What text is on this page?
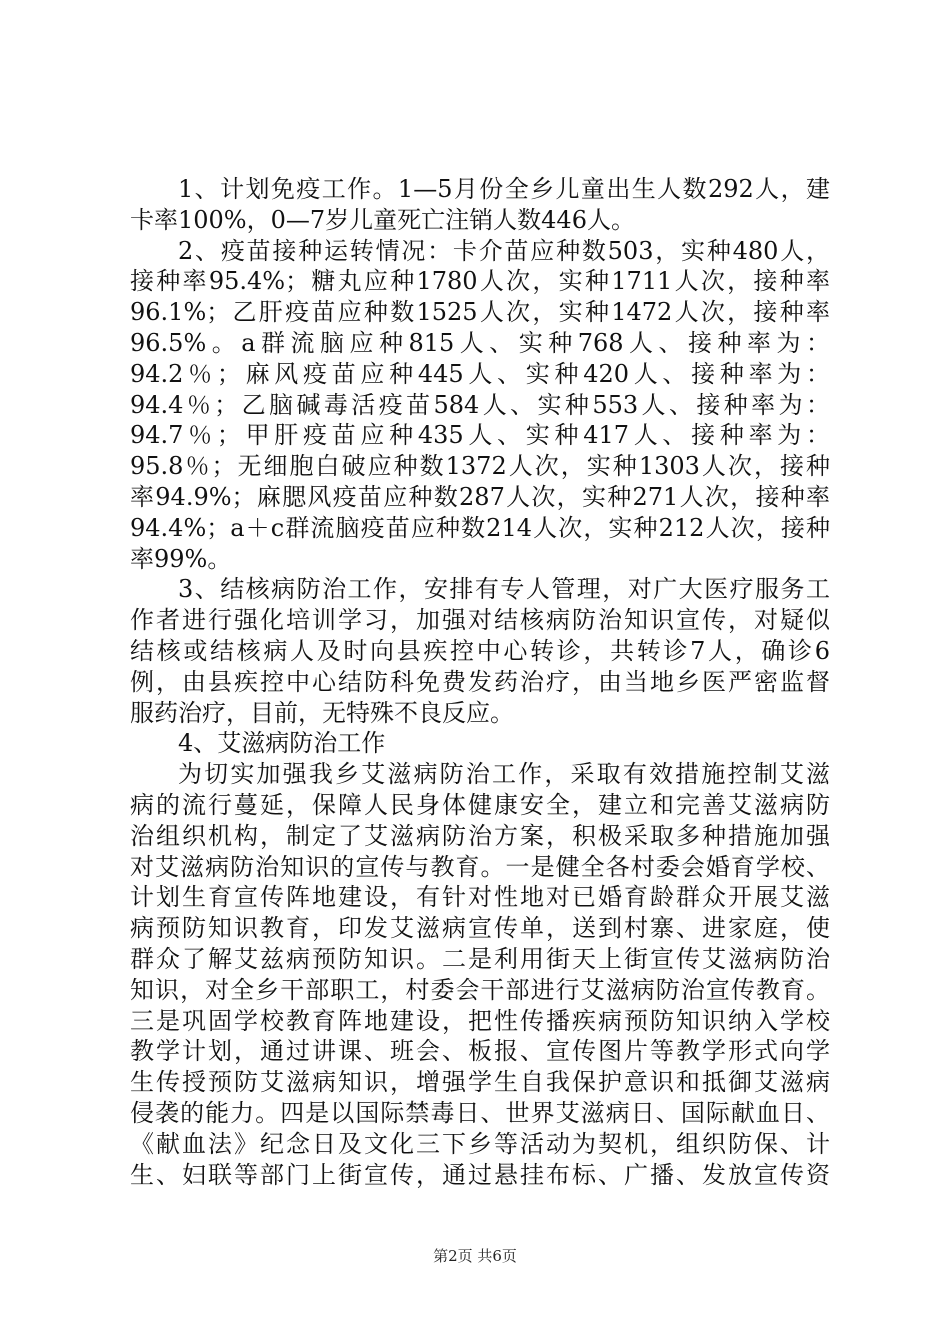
1、计划免疫工作。1—5月份全乡儿童出生人数292人，建
卡率100%，0—7岁儿童死亡注销人数446人。
2、疫苗接种运转情况：卡介苗应种数503，实种480人，
接种率95.4%；糖丸应种1780人次，实种1711人次，接种率
96.1%；乙肝疫苗应种数1525人次，实种1472人次，接种率
96.5%。a群流脑应种815人、实种768人、接种率为：
94.2％；麻风疫苗应种445人、实种420人、接种率为：
94.4％；乙脑碱毒活疫苗584人、实种553人、接种率为：
94.7％；甲肝疫苗应种435人、实种417人、接种率为：
95.8％；无细胞白破应种数1372人次，实种1303人次，接种
率94.9%；麻腮风疫苗应种数287人次，实种271人次，接种率
94.4%；a＋c群流脑疫苗应种数214人次，实种212人次，接种
率99%。
3、结核病防治工作，安排有专人管理，对广大医疗服务工
作者进行强化培训学习，加强对结核病防治知识宣传，对疑似
结核或结核病人及时向县疾控中心转诊，共转诊7人，确诊6
例，由县疾控中心结防科免费发药治疗，由当地乡医严密监督
服药治疗，目前，无特殊不良反应。
4、艾滋病防治工作
为切实加强我乡艾滋病防治工作，采取有效措施控制艾滋
病的流行蔓延，保障人民身体健康安全，建立和完善艾滋病防
治组织机构，制定了艾滋病防治方案，积极采取多种措施加强
对艾滋病防治知识的宣传与教育。一是健全各村委会婚育学校、
计划生育宣传阵地建设，有针对性地对已婚育龄群众开展艾滋
病预防知识教育，印发艾滋病宣传单，送到村寨、进家庭，使
群众了解艾兹病预防知识。二是利用街天上街宣传艾滋病防治
知识，对全乡干部职工，村委会干部进行艾滋病防治宣传教育。
三是巩固学校教育阵地建设，把性传播疾病预防知识纳入学校
教学计划，通过讲课、班会、板报、宣传图片等教学形式向学
生传授预防艾滋病知识，增强学生自我保护意识和抵御艾滋病
侵袭的能力。四是以国际禁毒日、世界艾滋病日、国际献血日、
《献血法》纪念日及文化三下乡等活动为契机，组织防保、计
生、妇联等部门上街宣传，通过悬挂布标、广播、发放宣传资
第2页 共6页
